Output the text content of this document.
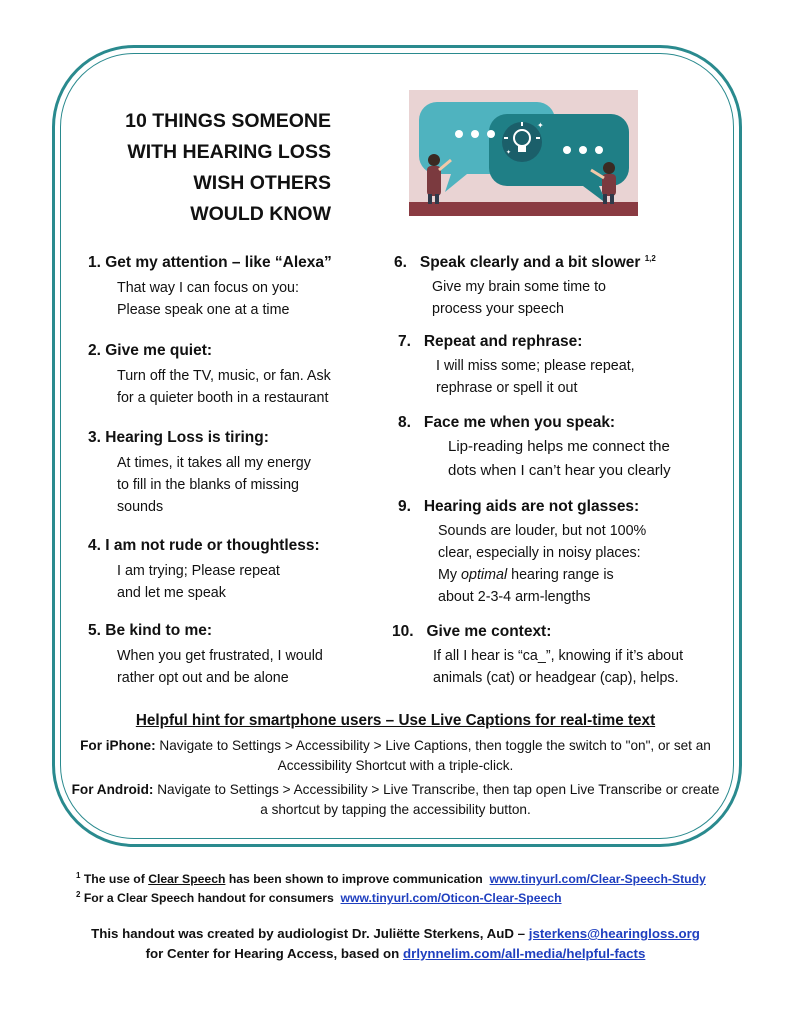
10 THINGS SOMEONE
WITH HEARING LOSS
WISH OTHERS
WOULD KNOW
✦
✦
1. Get my attention – like “Alexa”
That way I can focus on you:
Please speak one at a time
2. Give me quiet:
Turn off the TV, music, or fan. Ask
for a quieter booth in a restaurant
3. Hearing Loss is tiring:
At times, it takes all my energy
to fill in the blanks of missing
sounds
4. I am not rude or thoughtless:
I am trying; Please repeat
and let me speak
5. Be kind to me:
When you get frustrated, I would
rather opt out and be alone
6. Speak clearly and a bit slower $^{1,2}$
Give my brain some time to
process your speech
7. Repeat and rephrase:
I will miss some; please repeat,
rephrase or spell it out
8. Face me when you speak:
Lip-reading helps me connect the
dots when I can’t hear you clearly
9. Hearing aids are not glasses:
Sounds are louder, but not 100%
clear, especially in noisy places:
My optimal hearing range is
about 2-3-4 arm-lengths
10. Give me context:
If all I hear is “ca_”, knowing if it’s about
animals (cat) or headgear (cap), helps.
Helpful hint for smartphone users – Use Live Captions for real-time text

For iPhone: Navigate to Settings > Accessibility > Live Captions, then toggle the switch to "on", or set an Accessibility Shortcut with a triple-click.

For Android: Navigate to Settings > Accessibility > Live Transcribe, then tap open Live Transcribe or create a shortcut by tapping the accessibility button.

$^1$ The use of Clear Speech has been shown to improve communication www.tinyurl.com/Clear-Speech-Study
$^2$ For a Clear Speech handout for consumers www.tinyurl.com/Oticon-Clear-Speech
This handout was created by audiologist Dr. Juliëtte Sterkens, AuD – jsterkens@hearingloss.org
for Center for Hearing Access, based on drlynnelim.com/all-media/helpful-facts
